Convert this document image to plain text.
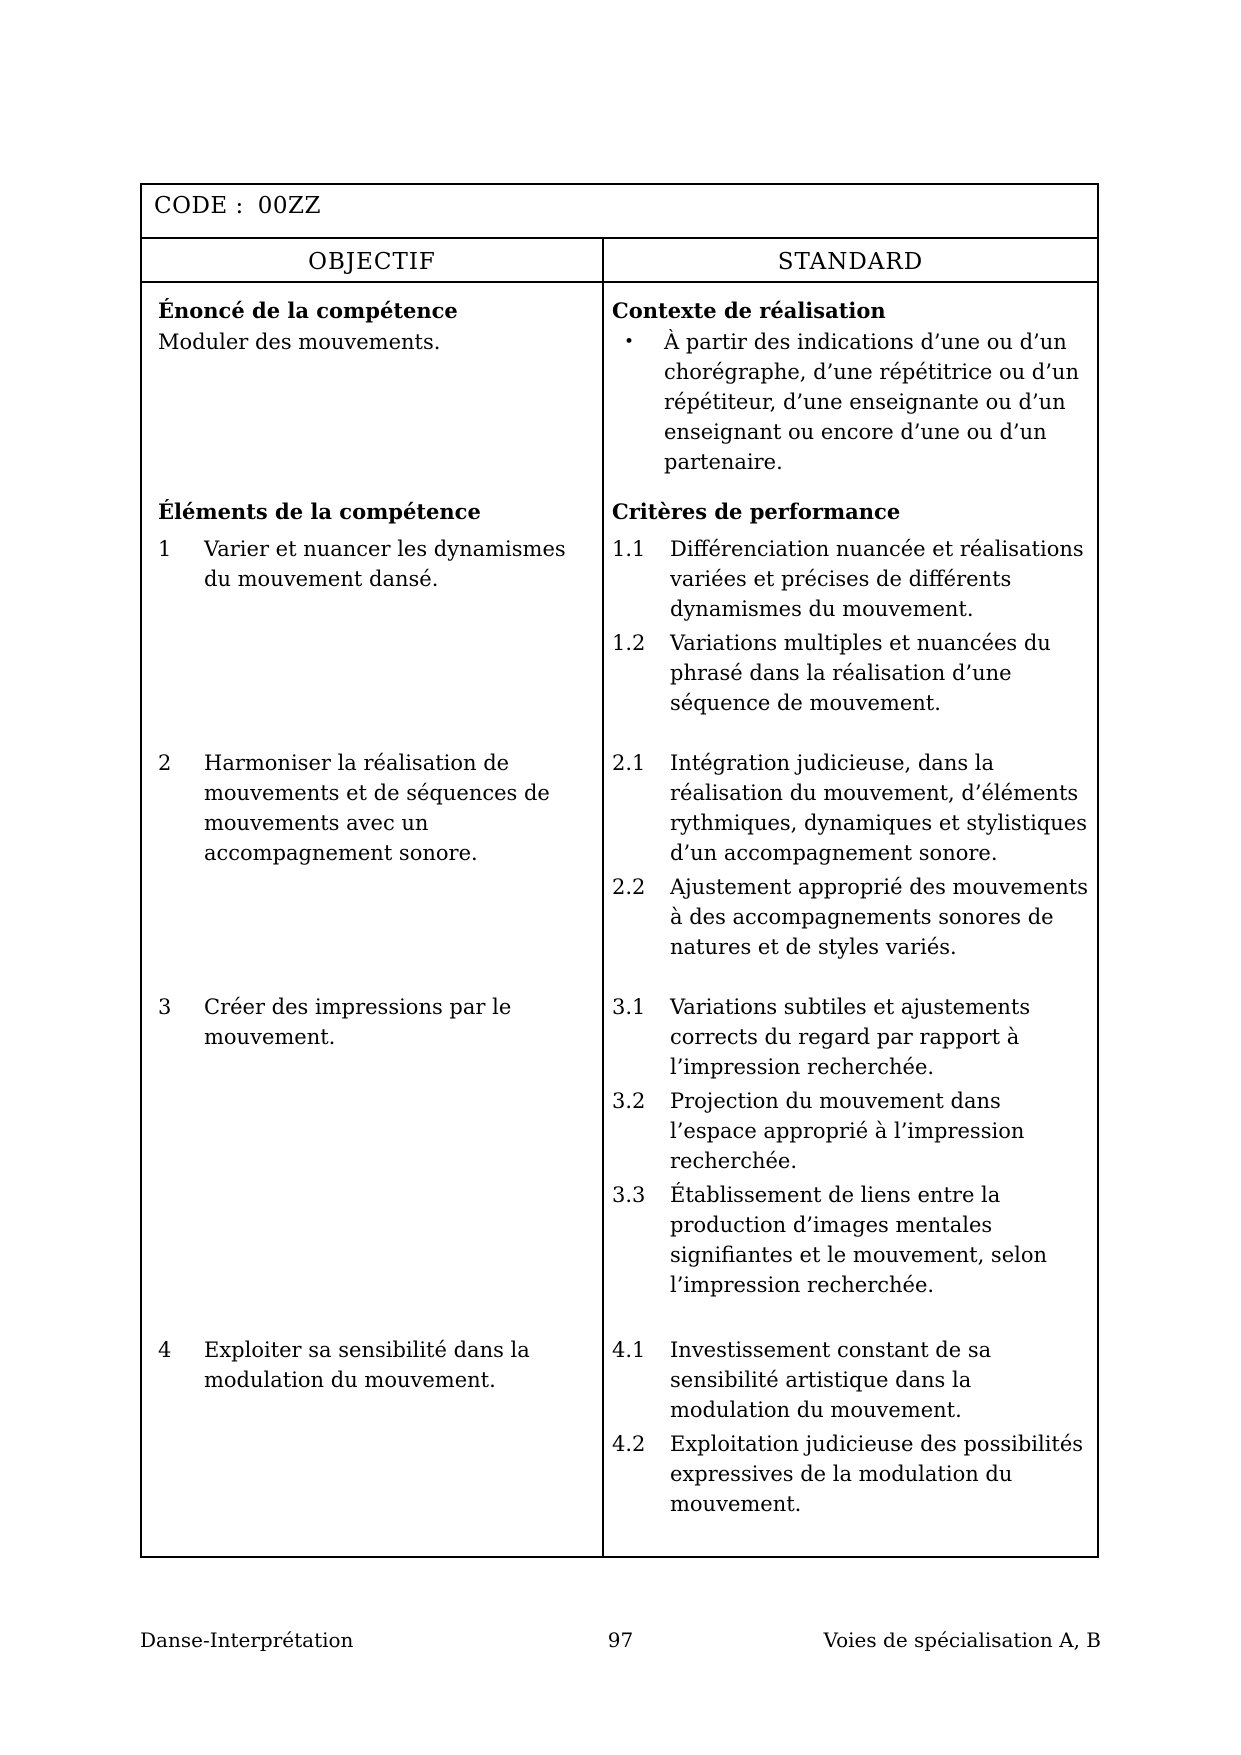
CODE : 00ZZ
OBJECTIF	STANDARD
Énoncé de la compétence
Moduler des mouvements.
Contexte de réalisation
•	À partir des indications d’une ou d’un chorégraphe, d’une répétitrice ou d’un répétiteur, d’une enseignante ou d’un enseignant ou encore d’une ou d’un partenaire.
Éléments de la compétence	Critères de performance
1	Varier et nuancer les dynamismes du mouvement dansé.
1.1	Différenciation nuancée et réalisations variées et précises de différents dynamismes du mouvement.
1.2	Variations multiples et nuancées du phrasé dans la réalisation d’une séquence de mouvement.
2	Harmoniser la réalisation de mouvements et de séquences de mouvements avec un accompagnement sonore.
2.1	Intégration judicieuse, dans la réalisation du mouvement, d’éléments rythmiques, dynamiques et stylistiques d’un accompagnement sonore.
2.2	Ajustement approprié des mouvements à des accompagnements sonores de natures et de styles variés.
3	Créer des impressions par le mouvement.
3.1	Variations subtiles et ajustements corrects du regard par rapport à l’impression recherchée.
3.2	Projection du mouvement dans l’espace approprié à l’impression recherchée.
3.3	Établissement de liens entre la production d’images mentales signifiantes et le mouvement, selon l’impression recherchée.
4	Exploiter sa sensibilité dans la modulation du mouvement.
4.1	Investissement constant de sa sensibilité artistique dans la modulation du mouvement.
4.2	Exploitation judicieuse des possibilités expressives de la modulation du mouvement.
Danse-Interprétation	97	Voies de spécialisation A, B
